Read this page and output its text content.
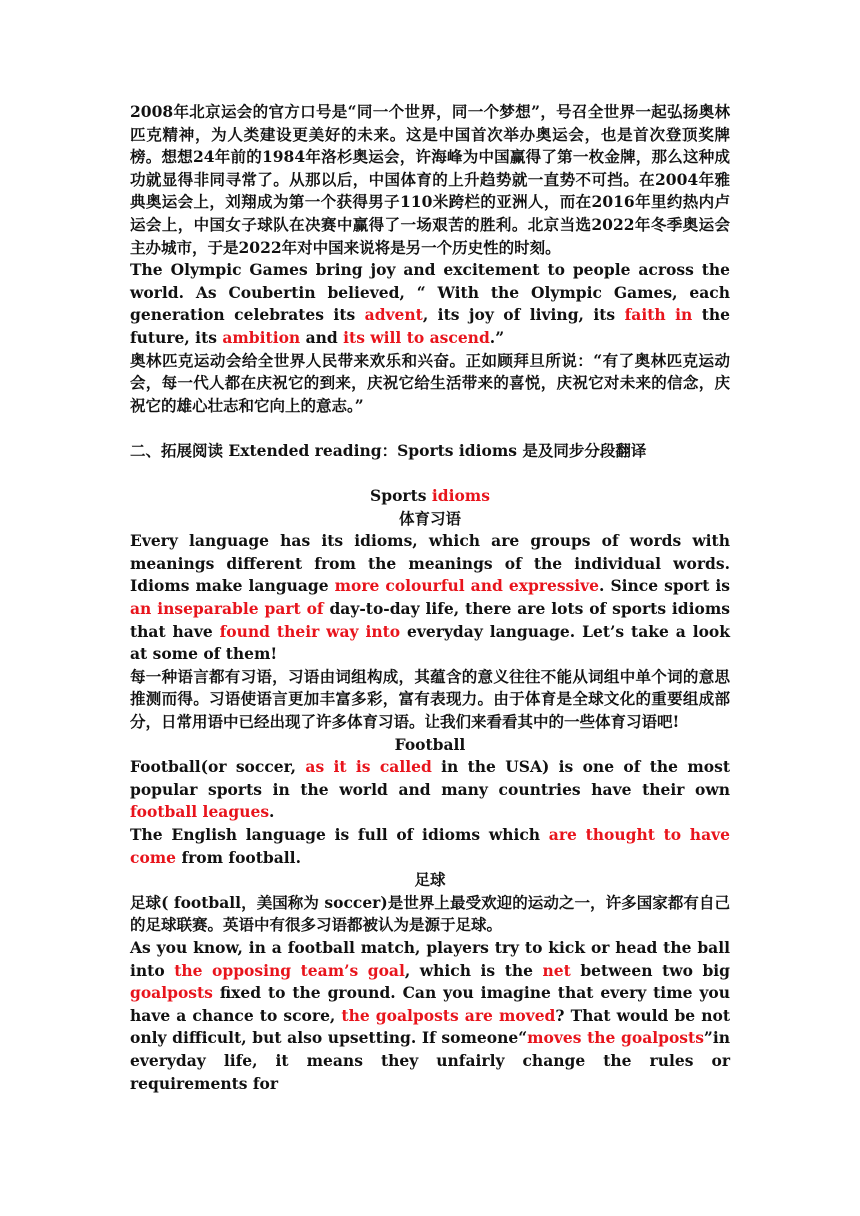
2008年北京运会的官方口号是“同一个世界，同一个梦想”，号召全世界一起弘扬奥林匹克精神，为人类建设更美好的未来。这是中国首次举办奥运会，也是首次登顶奖牌榜。想想24年前的1984年洛杉奥运会，许海峰为中国赢得了第一枚金牌，那么这种成功就显得非同寻常了。从那以后，中国体育的上升趋势就一直势不可挡。在2004年雅典奥运会上，刘翔成为第一个获得男子110米跨栏的亚洲人，而在2016年里约热内卢运会上，中国女子球队在决赛中赢得了一场艰苦的胜利。北京当选2022年冬季奥运会主办城市，于是2022年对中国来说将是另一个历史性的时刻。

The Olympic Games bring joy and excitement to people across the world. As Coubertin believed, “ With the Olympic Games, each generation celebrates its advent, its joy of living, its faith in the future, its ambition and its will to ascend.”

奥林匹克运动会给全世界人民带来欢乐和兴奋。正如顾拜旦所说：“有了奥林匹克运动会，每一代人都在庆祝它的到来，庆祝它给生活带来的喜悦，庆祝它对未来的信念，庆祝它的雄心壮志和它向上的意志。”

二、拓展阅读 Extended reading：Sports idioms 是及同步分段翻译

Sports idioms

体育习语

Every language has its idioms, which are groups of words with meanings different from the meanings of the individual words. Idioms make language more colourful and expressive. Since sport is an inseparable part of day-to-day life, there are lots of sports idioms that have found their way into everyday language. Let’s take a look at some of them!

每一种语言都有习语，习语由词组构成，其蕴含的意义往往不能从词组中单个词的意思推测而得。习语使语言更加丰富多彩，富有表现力。由于体育是全球文化的重要组成部分，日常用语中已经出现了许多体育习语。让我们来看看其中的一些体育习语吧!

Football

Football(or soccer, as it is called in the USA) is one of the most popular sports in the world and many countries have their own football leagues.

The English language is full of idioms which are thought to have come from football.

足球

足球( football，美国称为 soccer)是世界上最受欢迎的运动之一，许多国家都有自己的足球联赛。英语中有很多习语都被认为是源于足球。

As you know, in a football match, players try to kick or head the ball into the opposing team’s goal, which is the net between two big goalposts fixed to the ground. Can you imagine that every time you have a chance to score, the goalposts are moved? That would be not only difficult, but also upsetting. If someone“moves the goalposts”in everyday life, it means they unfairly change the rules or requirements for
